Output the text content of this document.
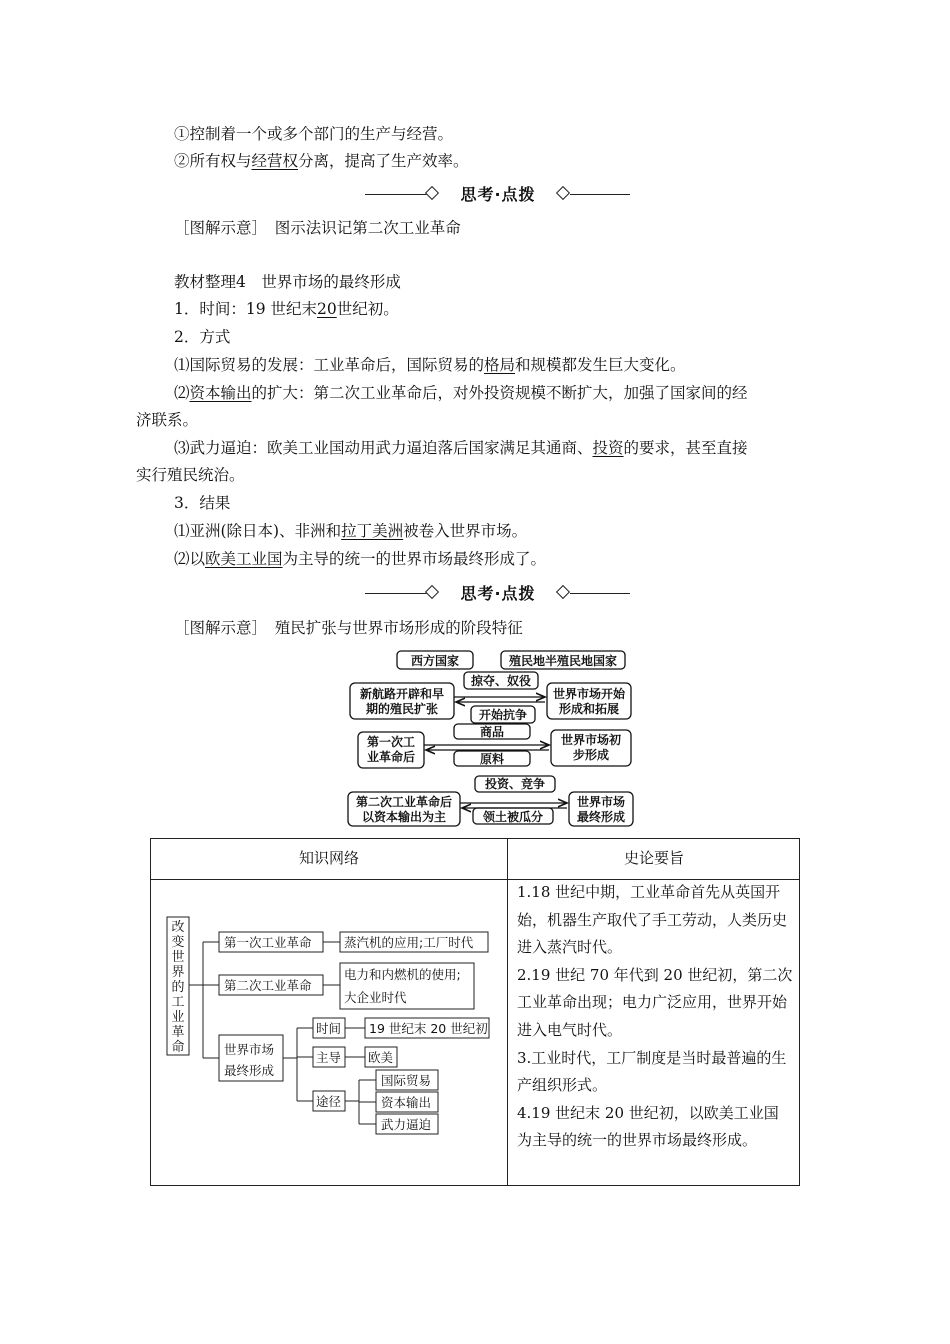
①控制着一个或多个部门的生产与经营。
②所有权与经营权分离，提高了生产效率。
思考·点拨
［图解示意］　图示法识记第二次工业革命
教材整理4　世界市场的最终形成
1．时间：19 世纪末20世纪初。
2．方式
⑴国际贸易的发展：工业革命后，国际贸易的格局和规模都发生巨大变化。
⑵资本输出的扩大：第二次工业革命后，对外投资规模不断扩大，加强了国家间的经
济联系。
⑶武力逼迫：欧美工业国动用武力逼迫落后国家满足其通商、投资的要求，甚至直接
实行殖民统治。
3．结果
⑴亚洲(除日本)、非洲和拉丁美洲被卷入世界市场。
⑵以欧美工业国为主导的统一的世界市场最终形成了。
思考·点拨
［图解示意］　殖民扩张与世界市场形成的阶段特征
西方国家	殖民地半殖民地国家
新航路开辟和早
期的殖民扩张
掠夺、奴役
开始抗争
世界市场开始
形成和拓展
第一次工
业革命后
商品
原料
世界市场初
步形成
第二次工业革命后
以资本输出为主
投资、竞争
领土被瓜分
世界市场
最终形成
知识网络	史论要旨
改变世界的工业革命
第一次工业革命	蒸汽机的应用;工厂时代
第二次工业革命
电力和内燃机的使用;
大企业时代
世界市场
最终形成
时间 19 世纪末 20 世纪初
主导 欧美
途径
国际贸易
资本输出
武力逼迫

1.18 世纪中期，工业革命首先从英国开始，机器生产取代了手工劳动，人类历史进入蒸汽时代。

2.19 世纪 70 年代到 20 世纪初，第二次工业革命出现；电力广泛应用，世界开始进入电气时代。

3.工业时代，工厂制度是当时最普遍的生产组织形式。

4.19 世纪末 20 世纪初，以欧美工业国为主导的统一的世界市场最终形成。
